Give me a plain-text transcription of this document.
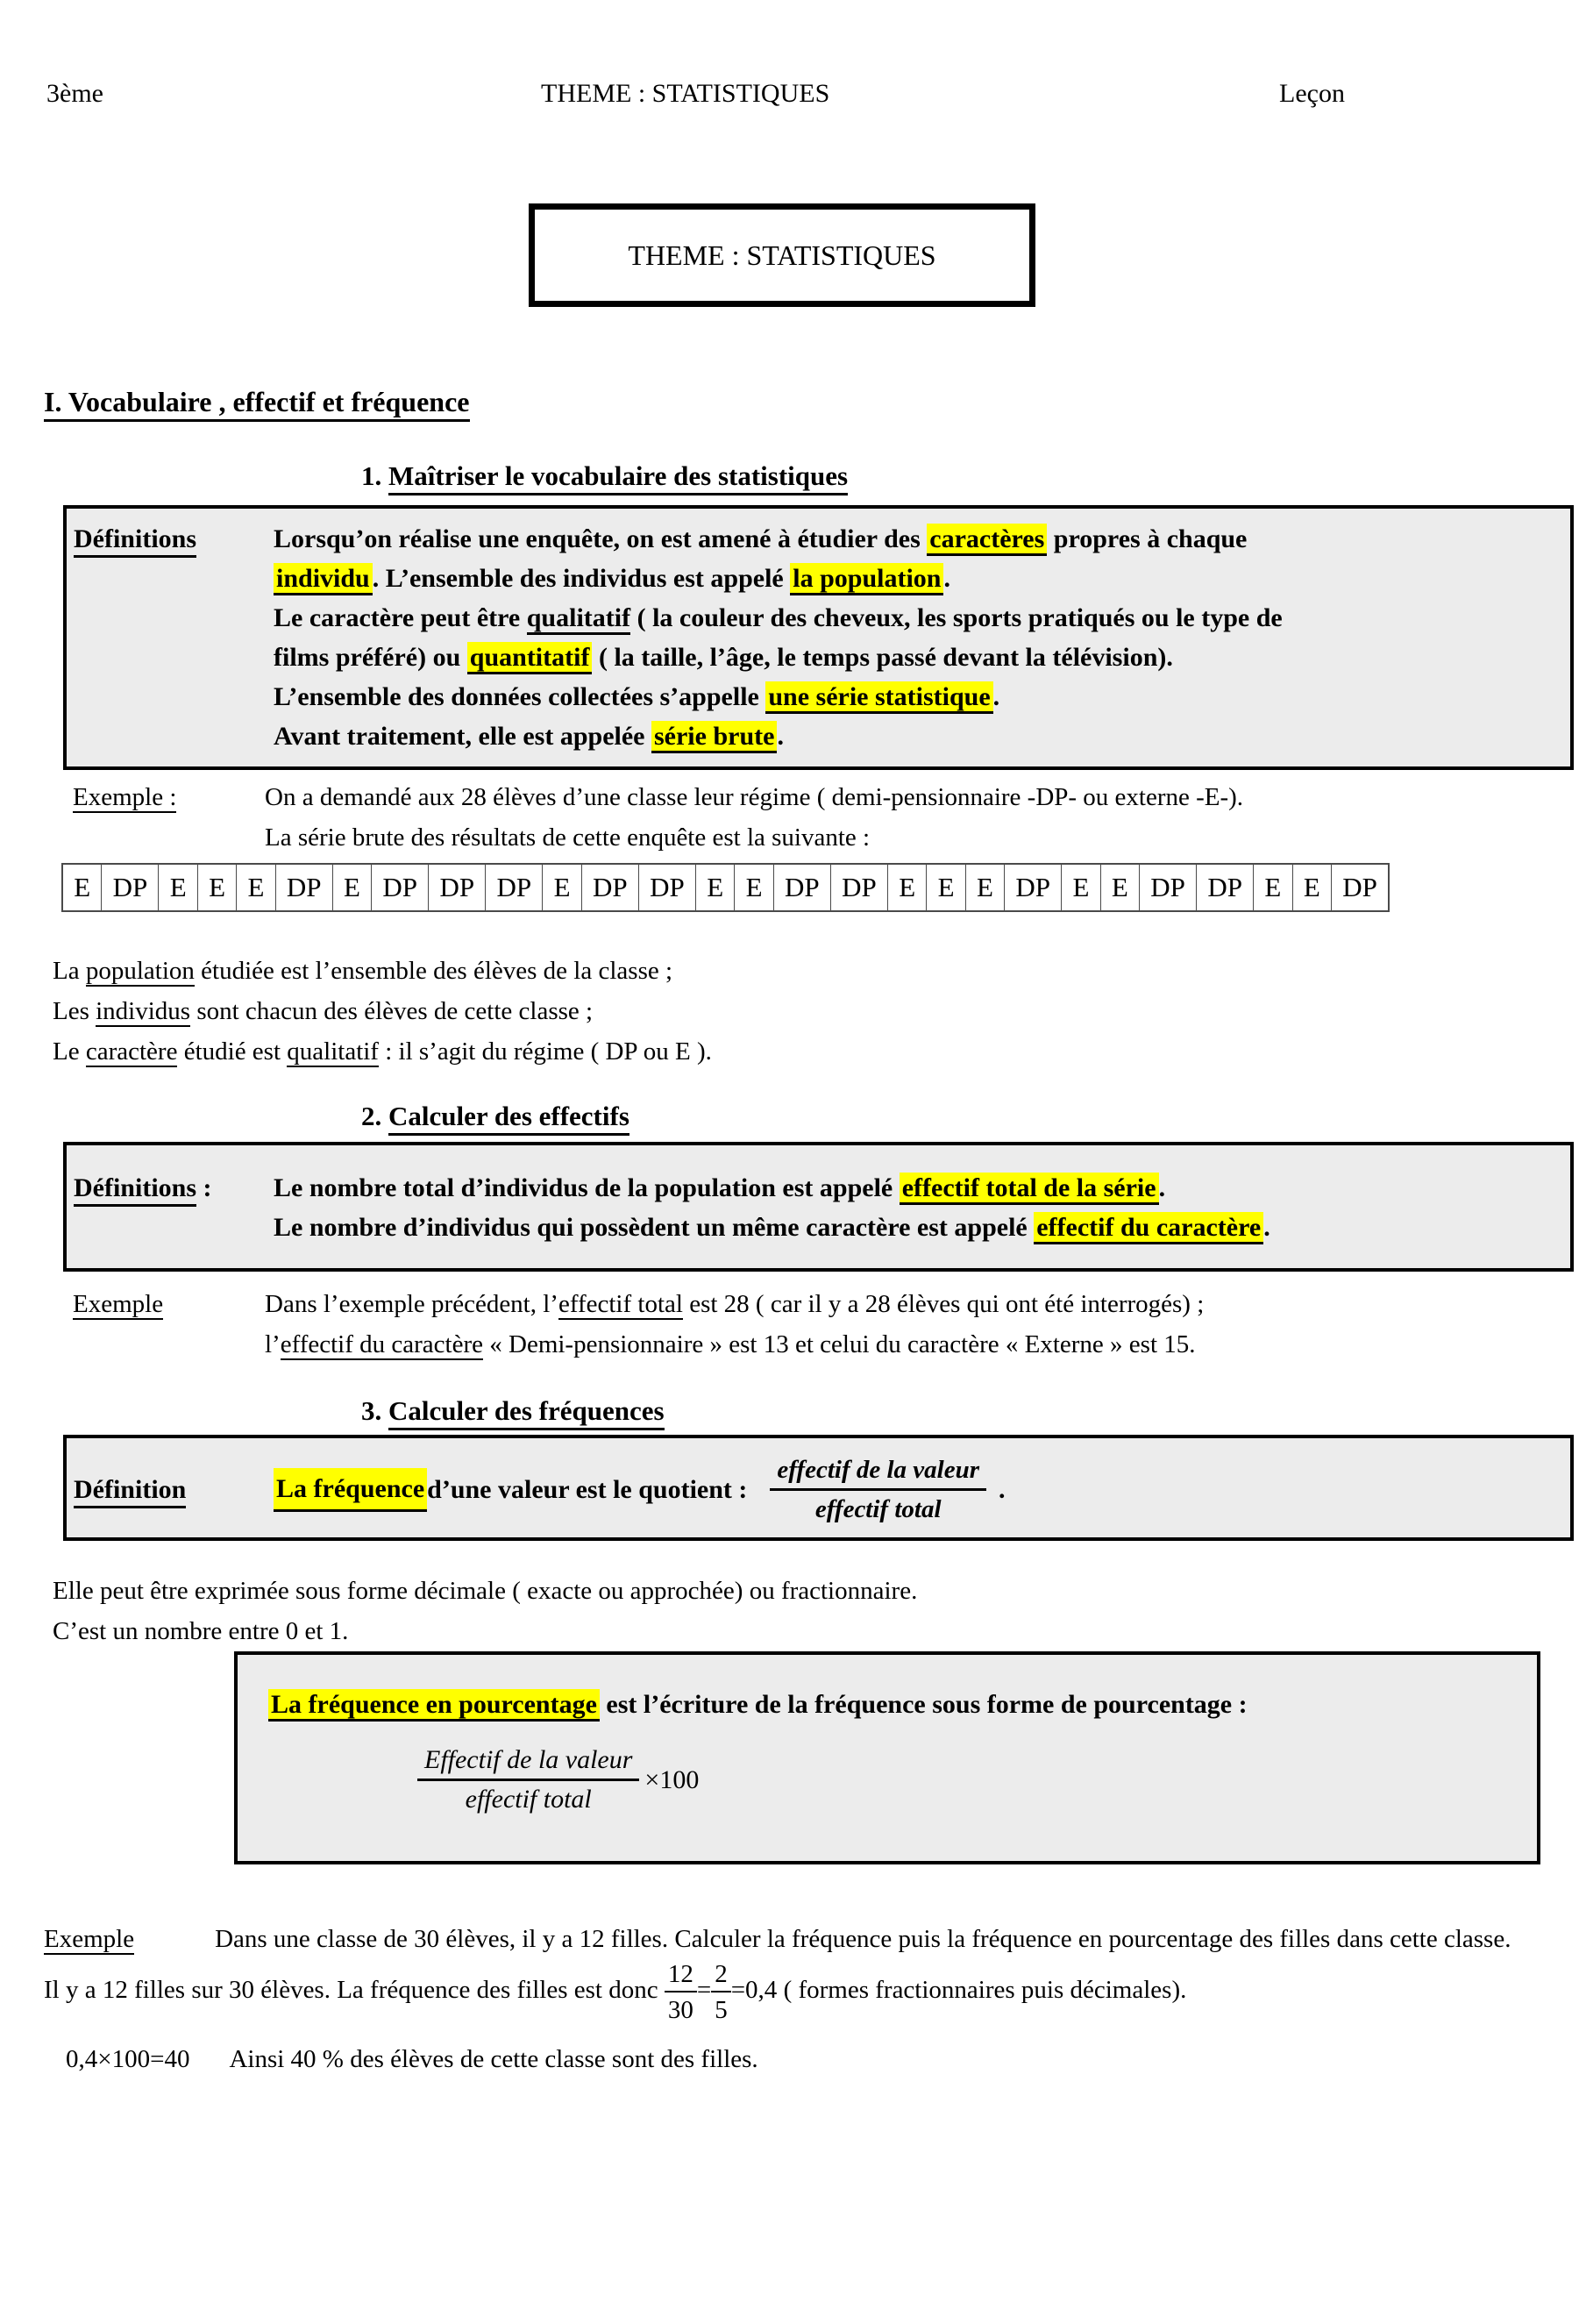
3ème	THEME : STATISTIQUES	Leçon
THEME : STATISTIQUES
I. Vocabulaire , effectif et fréquence
1. Maîtriser le vocabulaire des statistiques
Définitions	Lorsqu’on réalise une enquête, on est amené à étudier des caractères propres à chaque
individu . L’ensemble des individus est appelé la population .
Le caractère peut être qualitatif ( la couleur des cheveux, les sports pratiqués ou le type de
films préféré) ou quantitatif ( la taille, l’âge, le temps passé devant la télévision).
L’ensemble des données collectées s’appelle une série statistique .
Avant traitement, elle est appelée série brute .
Exemple :	On a demandé aux 28 élèves d’une classe leur régime ( demi-pensionnaire -DP- ou externe -E-).
La série brute des résultats de cette enquête est la suivante :
E DP E E E DP E DP DP DP E DP DP E E DP DP E E E DP E E DP DP E E DP
La population étudiée est l’ensemble des élèves de la classe ;
Les individus sont chacun des élèves de cette classe ;
Le caractère étudié est qualitatif : il s’agit du régime ( DP ou E ).
2. Calculer des effectifs
Définitions :	Le nombre total d’individus de la population est appelé effectif total de la série .
Le nombre d’individus qui possèdent un même caractère est appelé effectif du caractère .
Exemple	Dans l’exemple précédent, l’effectif total est 28 ( car il y a 28 élèves qui ont été interrogés) ;
l’effectif du caractère « Demi-pensionnaire » est 13 et celui du caractère « Externe » est 15.
3. Calculer des fréquences
Définition	La fréquence d’une valeur est le quotient : $\frac{\text{effectif de la valeur}}{\text{effectif total}}$ .
Elle peut être exprimée sous forme décimale ( exacte ou approchée) ou fractionnaire.
C’est un nombre entre 0 et 1.
La fréquence en pourcentage est l’écriture de la fréquence sous forme de pourcentage :
$\frac{\text{Effectif de la valeur}}{\text{effectif total}} \times 100$
Exemple	Dans une classe de 30 élèves, il y a 12 filles. Calculer la fréquence puis la fréquence en pourcentage des filles dans cette classe.
Il y a 12 filles sur 30 élèves. La fréquence des filles est donc $\frac{12}{30} = \frac{2}{5} =0,4$ ( formes fractionnaires puis décimales).
0,4×100=40 Ainsi 40 % des élèves de cette classe sont des filles.
